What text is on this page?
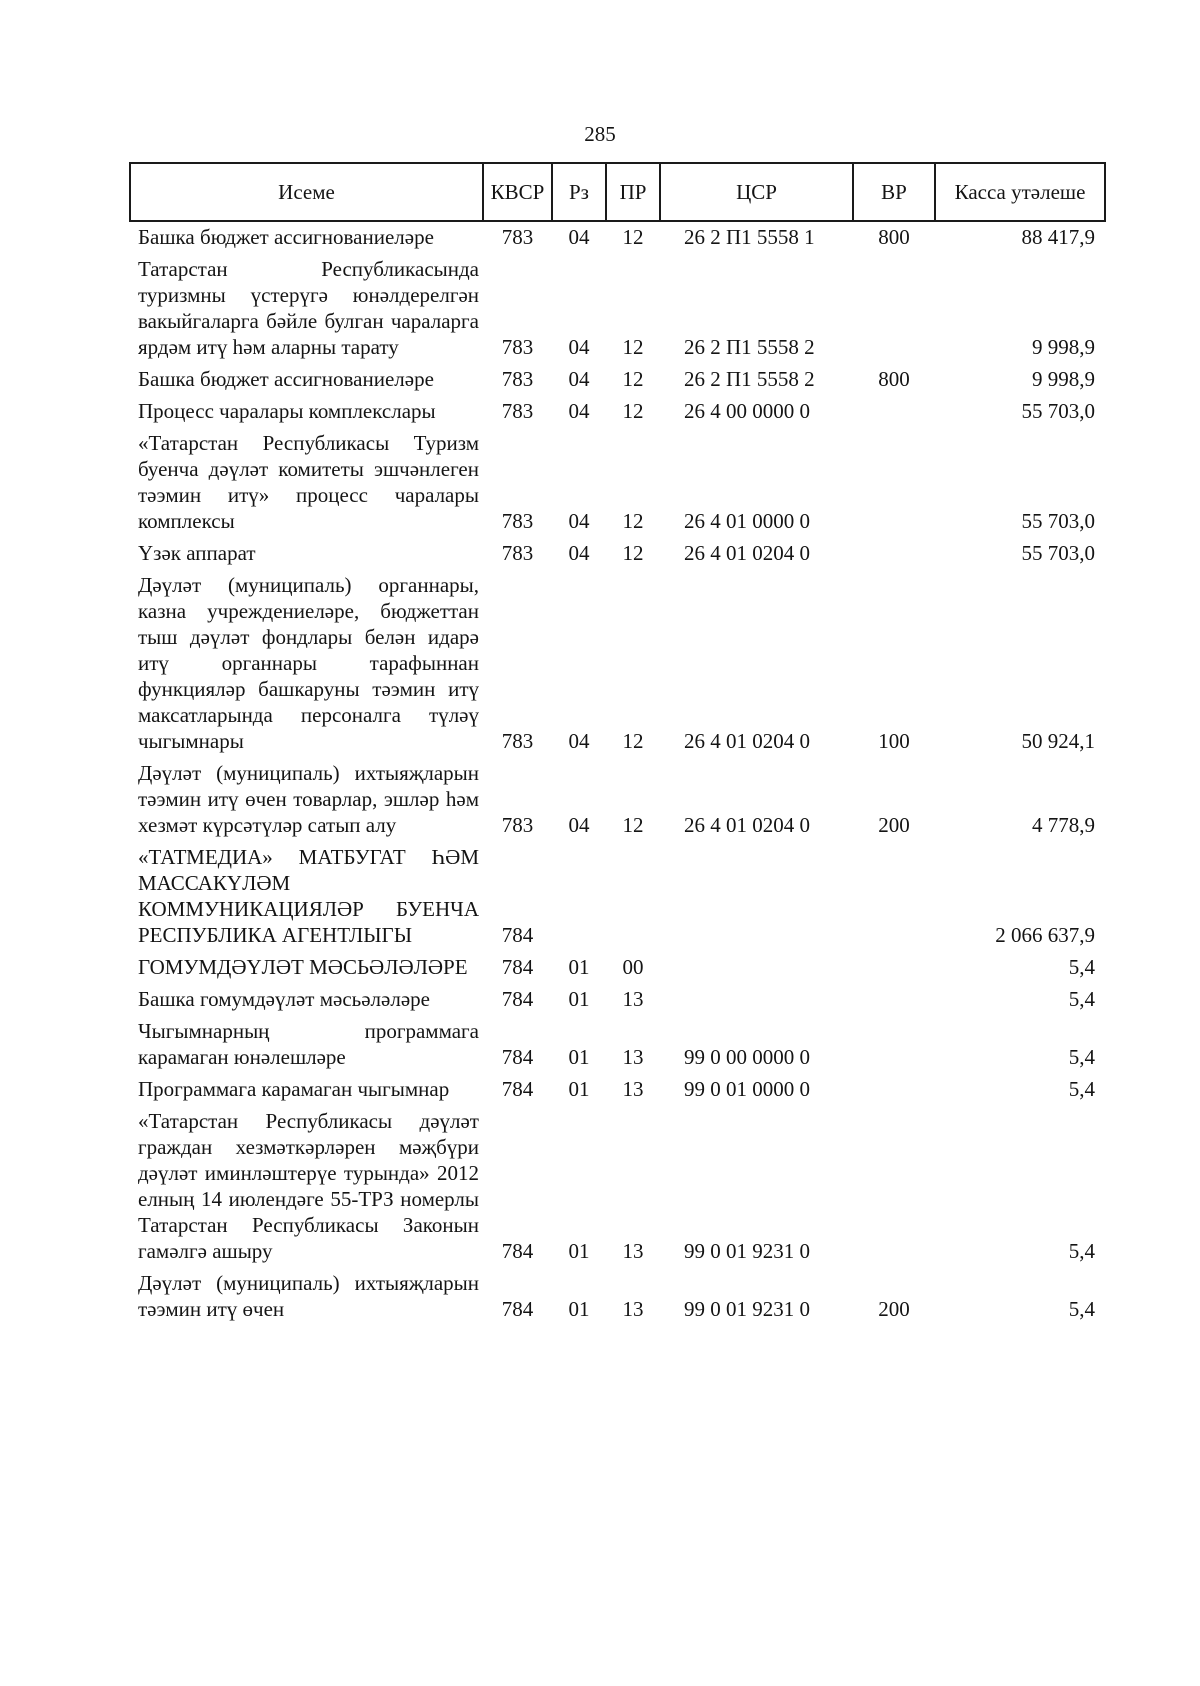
285
Исеме	КВСР	Рз	ПР	ЦСР	ВР	Касса утәлеше
Башка бюджет ассигнованиеләре	783	04	12	26 2 П1 5558 1	800	88 417,9
Татарстан Республикасында туризмны үстерүгә юнәлдерелгән вакыйгаларга бәйле булган чараларга ярдәм итү һәм аларны тарату	783	04	12	26 2 П1 5558 2		9 998,9
Башка бюджет ассигнованиеләре	783	04	12	26 2 П1 5558 2	800	9 998,9
Процесс чаралары комплекслары	783	04	12	26 4 00 0000 0		55 703,0
«Татарстан Республикасы Туризм буенча дәүләт комитеты эшчәнлеген тәэмин итү» процесс чаралары комплексы	783	04	12	26 4 01 0000 0		55 703,0
Үзәк аппарат	783	04	12	26 4 01 0204 0		55 703,0
Дәүләт (муниципаль) органнары, казна учреждениеләре, бюджеттан тыш дәүләт фондлары белән идарә итү органнары тарафыннан функцияләр башкаруны тәэмин итү максатларында персоналга түләү чыгымнары	783	04	12	26 4 01 0204 0	100	50 924,1
Дәүләт (муниципаль) ихтыяҗларын тәэмин итү өчен товарлар, эшләр һәм хезмәт күрсәтүләр сатып алу	783	04	12	26 4 01 0204 0	200	4 778,9
«ТАТМЕДИА» МАТБУГАТ ҺӘМ МАССАКҮЛӘМ КОММУНИКАЦИЯЛӘР БУЕНЧА РЕСПУБЛИКА АГЕНТЛЫГЫ	784					2 066 637,9
ГОМУМДӘҮЛӘТ МӘСЬӘЛӘЛӘРЕ	784	01	00			5,4
Башка гомумдәүләт мәсьәләләре	784	01	13			5,4
Чыгымнарның программага карамаган юнәлешләре	784	01	13	99 0 00 0000 0		5,4
Программага карамаган чыгымнар	784	01	13	99 0 01 0000 0		5,4
«Татарстан Республикасы дәүләт граждан хезмәткәрләрен мәҗбүри дәүләт иминләштерүе турында» 2012 елның 14 июлендәге 55-ТРЗ номерлы Татарстан Республикасы Законын гамәлгә ашыру	784	01	13	99 0 01 9231 0		5,4
Дәүләт (муниципаль) ихтыяҗларын тәэмин итү өчен	784	01	13	99 0 01 9231 0	200	5,4
